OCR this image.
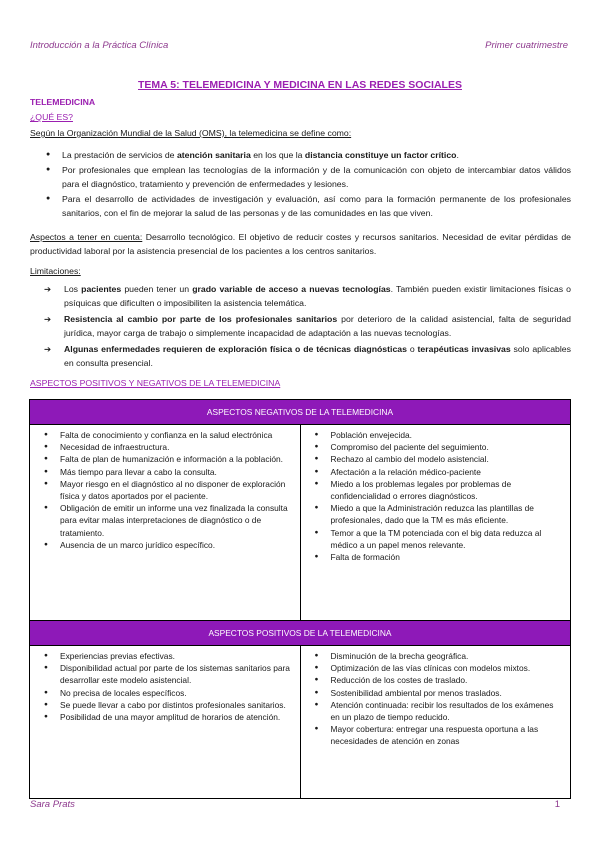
Introducción a la Práctica Clínica	Primer cuatrimestre
TEMA 5: TELEMEDICINA Y MEDICINA EN LAS REDES SOCIALES
TELEMEDICINA
¿QUÉ ES?
Según la Organización Mundial de la Salud (OMS), la telemedicina se define como:
● La prestación de servicios de atención sanitaria en los que la distancia constituye un factor crítico.
● Por profesionales que emplean las tecnologías de la información y de la comunicación con objeto de intercambiar datos válidos para el diagnóstico, tratamiento y prevención de enfermedades y lesiones.
● Para el desarrollo de actividades de investigación y evaluación, así como para la formación permanente de los profesionales sanitarios, con el fin de mejorar la salud de las personas y de las comunidades en las que viven.
Aspectos a tener en cuenta: Desarrollo tecnológico. El objetivo de reducir costes y recursos sanitarios. Necesidad de evitar pérdidas de productividad laboral por la asistencia presencial de los pacientes a los centros sanitarios.
Limitaciones:
➔ Los pacientes pueden tener un grado variable de acceso a nuevas tecnologías. También pueden existir limitaciones físicas o psíquicas que dificulten o imposibiliten la asistencia telemática.
➔ Resistencia al cambio por parte de los profesionales sanitarios por deterioro de la calidad asistencial, falta de seguridad jurídica, mayor carga de trabajo o simplemente incapacidad de adaptación a las nuevas tecnologías.
➔ Algunas enfermedades requieren de exploración física o de técnicas diagnósticas o terapéuticas invasivas solo aplicables en consulta presencial.
ASPECTOS POSITIVOS Y NEGATIVOS DE LA TELEMEDICINA
ASPECTOS NEGATIVOS DE LA TELEMEDICINA

● Falta de conocimiento y confianza en la salud electrónica
● Necesidad de infraestructura.
● Falta de plan de humanización e información a la población.
● Más tiempo para llevar a cabo la consulta.
● Mayor riesgo en el diagnóstico al no disponer de exploración física y datos aportados por el paciente.
● Obligación de emitir un informe una vez finalizada la consulta para evitar malas interpretaciones de diagnóstico o de tratamiento.
● Ausencia de un marco jurídico específico.

● Población envejecida.
● Compromiso del paciente del seguimiento.
● Rechazo al cambio del modelo asistencial.
● Afectación a la relación médico-paciente
● Miedo a los problemas legales por problemas de confidencialidad o errores diagnósticos.
● Miedo a que la Administración reduzca las plantillas de profesionales, dado que la TM es más eficiente.
● Temor a que la TM potenciada con el big data reduzca al médico a un papel menos relevante.
● Falta de formación
ASPECTOS POSITIVOS DE LA TELEMEDICINA

● Experiencias previas efectivas.
● Disponibilidad actual por parte de los sistemas sanitarios para desarrollar este modelo asistencial.
● No precisa de locales específicos.
● Se puede llevar a cabo por distintos profesionales sanitarios.
● Posibilidad de una mayor amplitud de horarios de atención.

● Disminución de la brecha geográfica.
● Optimización de las vías clínicas con modelos mixtos.
● Reducción de los costes de traslado.
● Sostenibilidad ambiental por menos traslados.
● Atención continuada: recibir los resultados de los exámenes en un plazo de tiempo reducido.
● Mayor cobertura: entregar una respuesta oportuna a las necesidades de atención en zonas
Sara Prats	1
